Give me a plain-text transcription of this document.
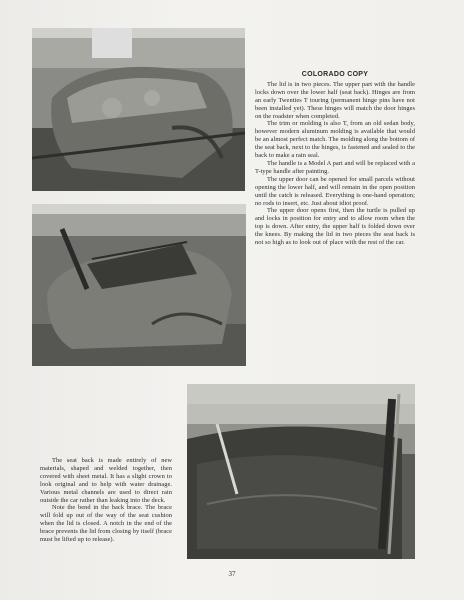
COLORADO COPY

The lid is in two pieces. The upper part with the handle locks down over the lower half (seat back). Hinges are from an early Twenties T touring (permanent hinge pins have not been installed yet). These hinges will match the door hinges on the roadster when completed.

The trim or molding is also T, from an old sedan body, however modern aluminum molding is available that would be an almost perfect match. The molding along the bottom of the seat back, next to the hinges, is fastened and sealed to the back to make a rain seal.

The handle is a Model A part and will be replaced with a T-type handle after painting.

The upper door can be opened for small parcels without opening the lower half, and will remain in the open position until the catch is released. Everything is one-hand operation; no rods to insert, etc. Just about idiot proof.

The upper door opens first, then the turtle is pulled up and locks in position for entry and to allow room when the top is down. After entry, the upper half is folded down over the knees. By making the lid in two pieces the seat back is not so high as to look out of place with the rest of the car.

The seat back is made entirely of new materials, shaped and welded together, then covered with sheet metal. It has a slight crown to look original and to help with water drainage. Various metal channels are used to direct rain outside the car rather than leaking into the deck.

Note the bend in the back brace. The brace will fold up out of the way of the seat cushion when the lid is closed. A notch in the end of the brace prevents the lid from closing by itself (brace must be lifted up to release).

37
